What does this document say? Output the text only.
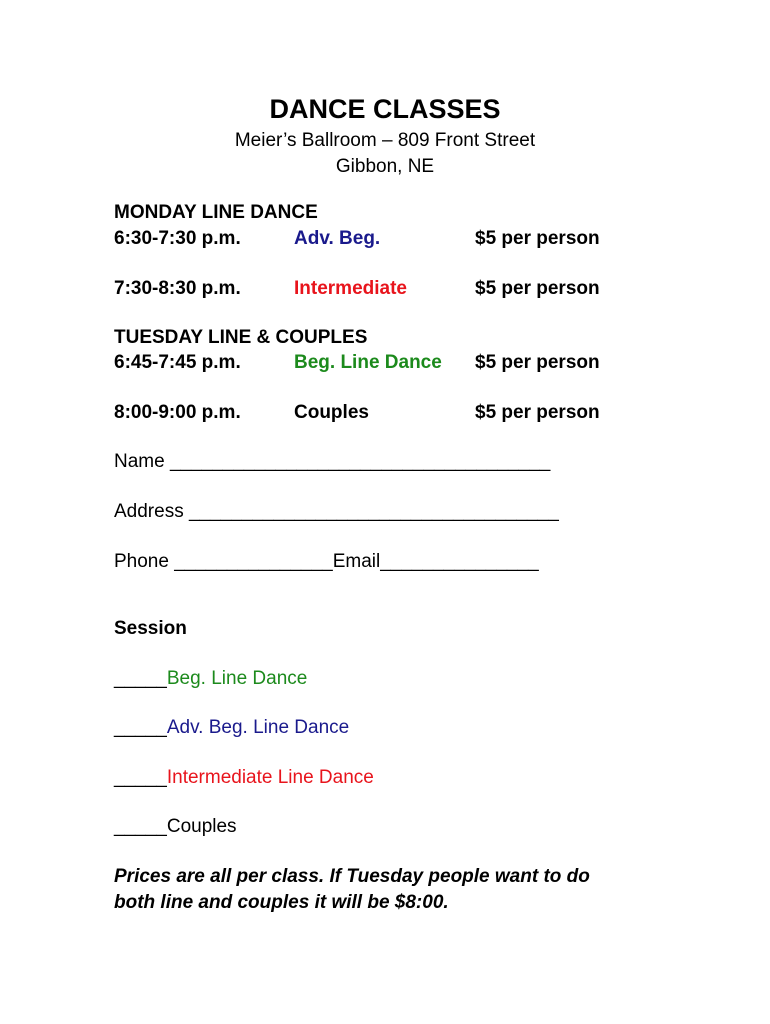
DANCE CLASSES
Meier’s Ballroom – 809 Front Street
Gibbon, NE
MONDAY LINE DANCE
6:30-7:30 p.m.	Adv. Beg.	$5 per person
7:30-8:30 p.m.	Intermediate	$5 per person
TUESDAY LINE & COUPLES
6:45-7:45 p.m.	Beg. Line Dance $5 per person
8:00-9:00 p.m.	Couples	$5 per person
Name ____________________________________
Address ___________________________________
Phone _______________Email_______________
Session
_____Beg. Line Dance
_____Adv. Beg. Line Dance
_____Intermediate Line Dance
_____Couples
Prices are all per class. If Tuesday people want to do
both line and couples it will be $8:00.
